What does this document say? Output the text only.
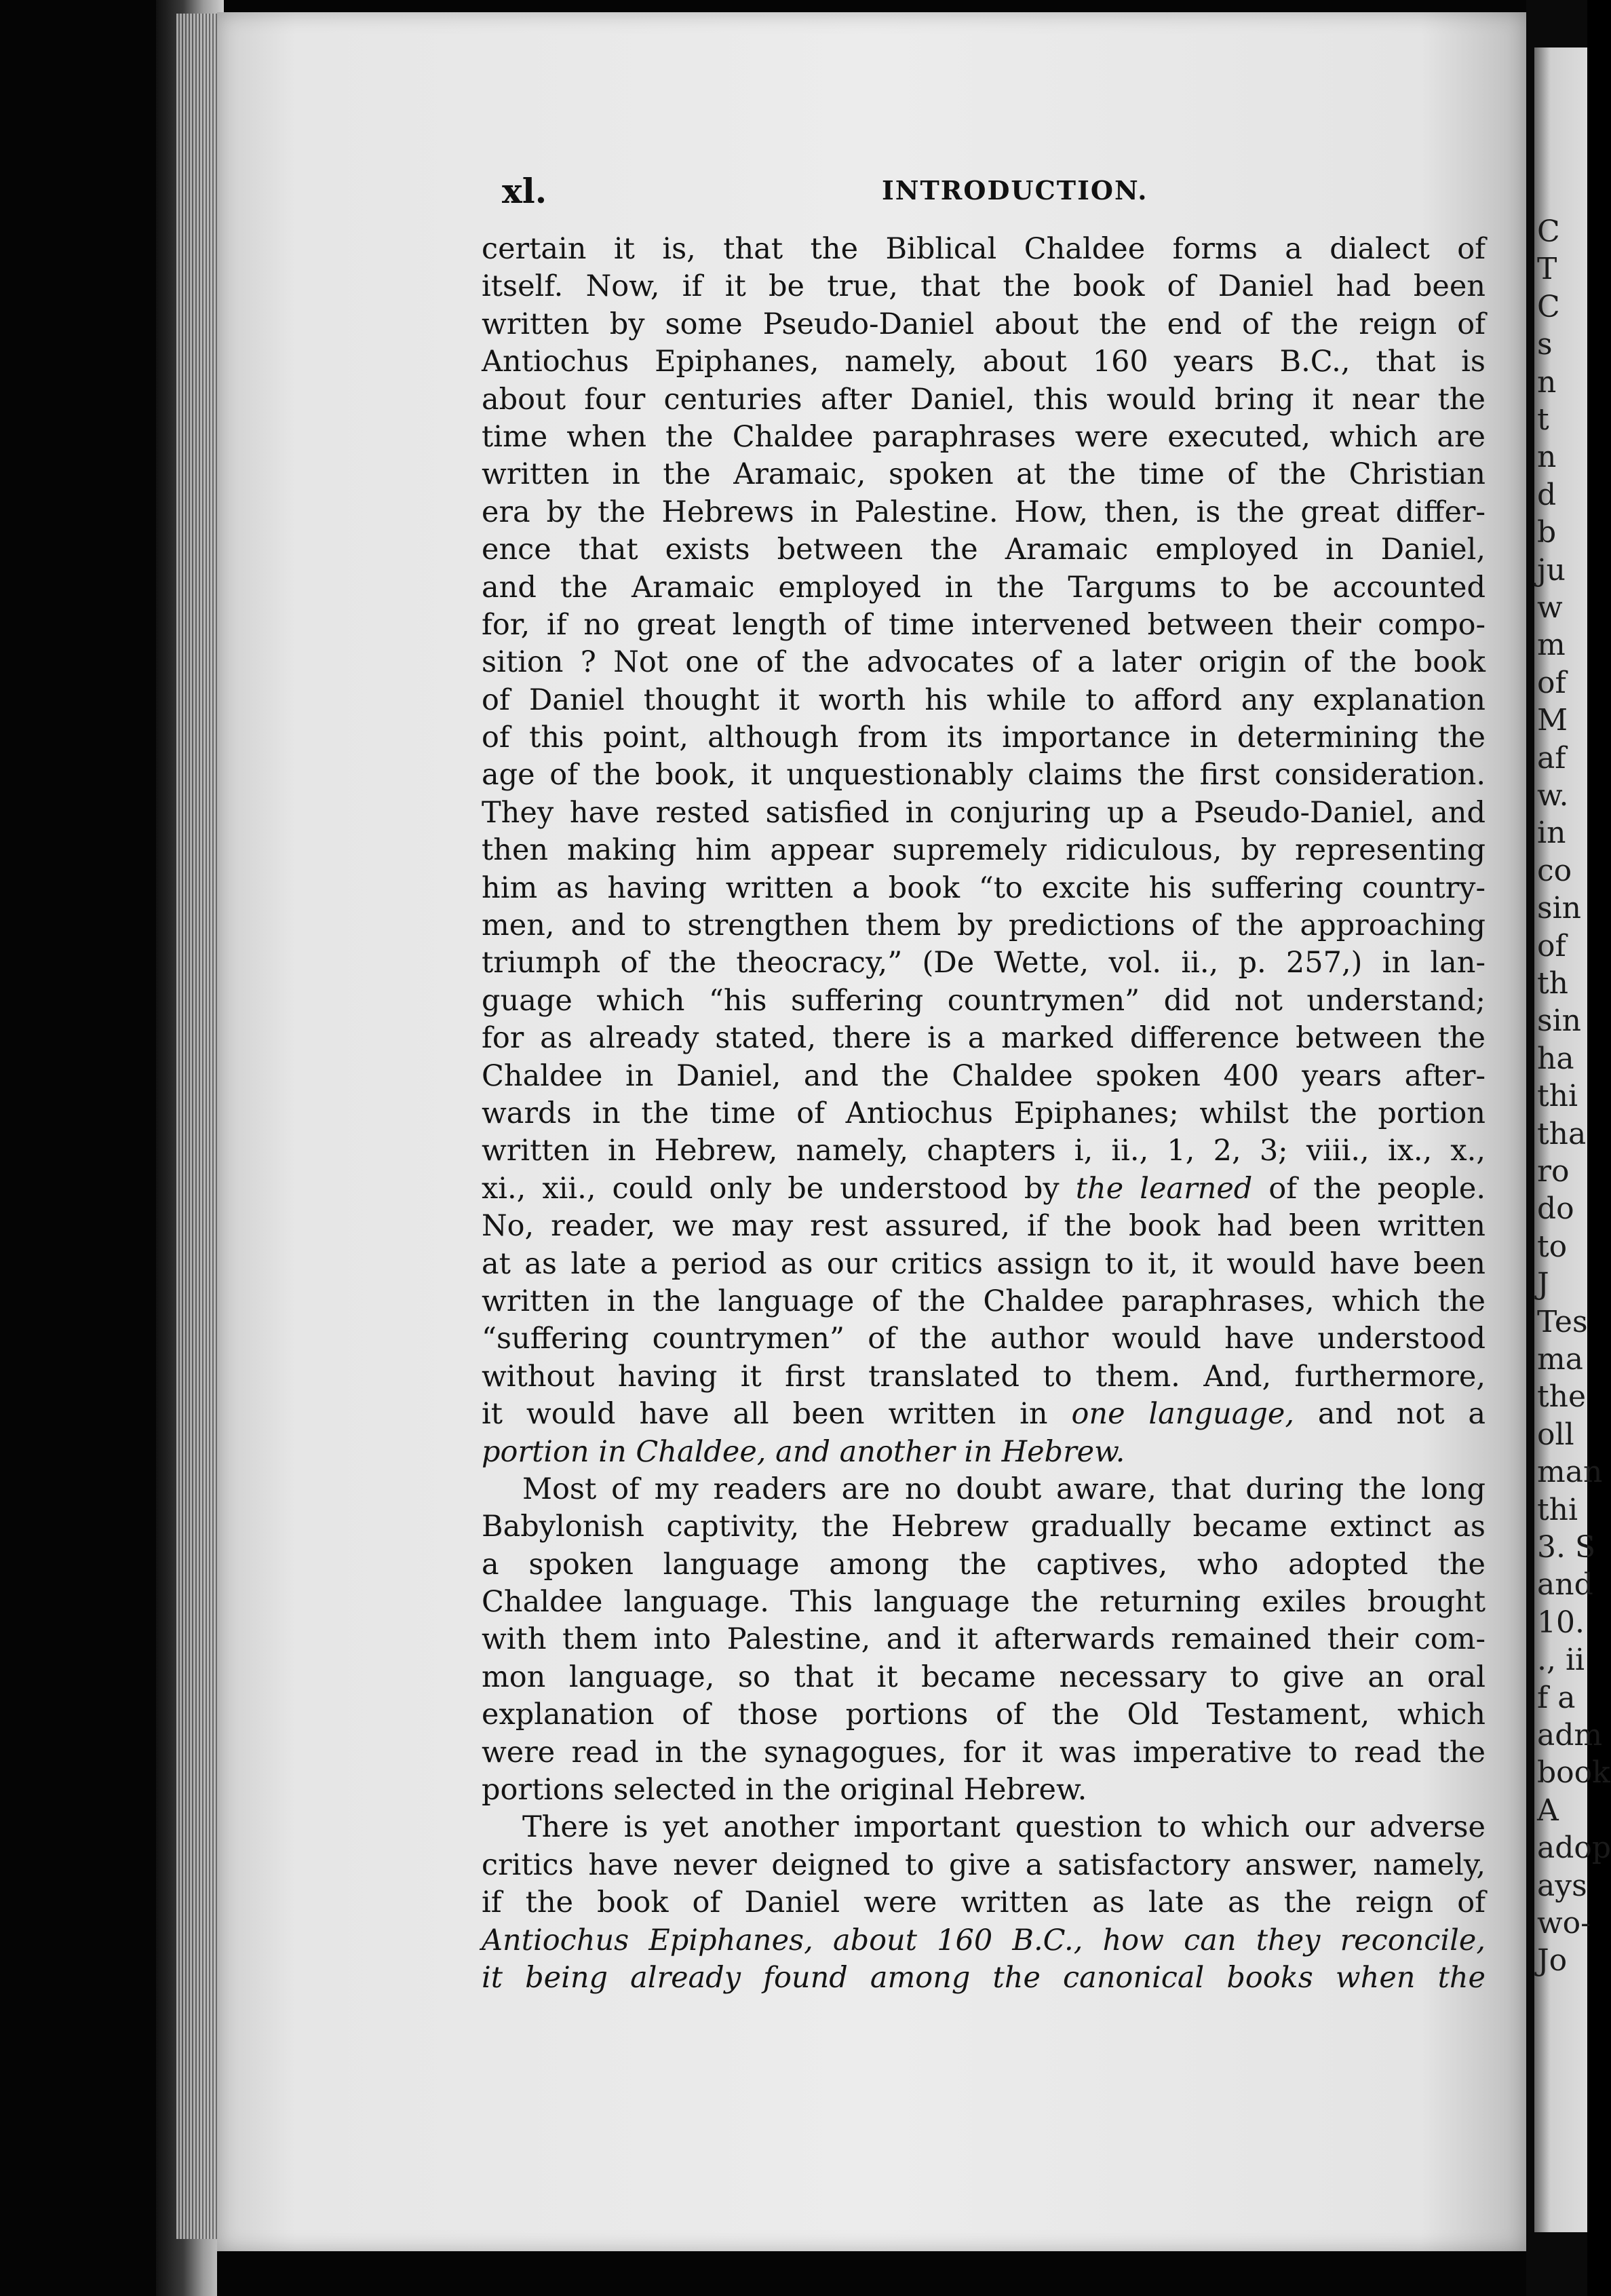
C
T
C
s
n
t
n
d
b
ju
w
m
of
M
af
w.
in
co
sin
of
th
sin
ha
thi
tha
ro
do
to
J
Tes
ma
the
oll
man
thi
3. S
and
10.
., ii
f a
adm
book
A
adop
ays
wo-
Jo
xl.	INTRODUCTION.
certain it is, that the Biblical Chaldee forms a dialect of
itself. Now, if it be true, that the book of Daniel had been
written by some Pseudo-Daniel about the end of the reign of
Antiochus Epiphanes, namely, about 160 years B.C., that is
about four centuries after Daniel, this would bring it near the
time when the Chaldee paraphrases were executed, which are
written in the Aramaic, spoken at the time of the Christian
era by the Hebrews in Palestine. How, then, is the great differ-
ence that exists between the Aramaic employed in Daniel,
and the Aramaic employed in the Targums to be accounted
for, if no great length of time intervened between their compo-
sition ? Not one of the advocates of a later origin of the book
of Daniel thought it worth his while to afford any explanation
of this point, although from its importance in determining the
age of the book, it unquestionably claims the first consideration.
They have rested satisfied in conjuring up a Pseudo-Daniel, and
then making him appear supremely ridiculous, by representing
him as having written a book “to excite his suffering country-
men, and to strengthen them by predictions of the approaching
triumph of the theocracy,” (De Wette, vol. ii., p. 257,) in lan-
guage which “his suffering countrymen” did not understand;
for as already stated, there is a marked difference between the
Chaldee in Daniel, and the Chaldee spoken 400 years after-
wards in the time of Antiochus Epiphanes; whilst the portion
written in Hebrew, namely, chapters i, ii., 1, 2, 3; viii., ix., x.,
xi., xii., could only be understood by the learned of the people.
No, reader, we may rest assured, if the book had been written
at as late a period as our critics assign to it, it would have been
written in the language of the Chaldee paraphrases, which the
“suffering countrymen” of the author would have understood
without having it first translated to them. And, furthermore,
it would have all been written in one language, and not a
portion in Chaldee, and another in Hebrew.
Most of my readers are no doubt aware, that during the long
Babylonish captivity, the Hebrew gradually became extinct as
a spoken language among the captives, who adopted the
Chaldee language. This language the returning exiles brought
with them into Palestine, and it afterwards remained their com-
mon language, so that it became necessary to give an oral
explanation of those portions of the Old Testament, which
were read in the synagogues, for it was imperative to read the
portions selected in the original Hebrew.
There is yet another important question to which our adverse
critics have never deigned to give a satisfactory answer, namely,
if the book of Daniel were written as late as the reign of
Antiochus Epiphanes, about 160 B.C., how can they reconcile,
it being already found among the canonical books when the
